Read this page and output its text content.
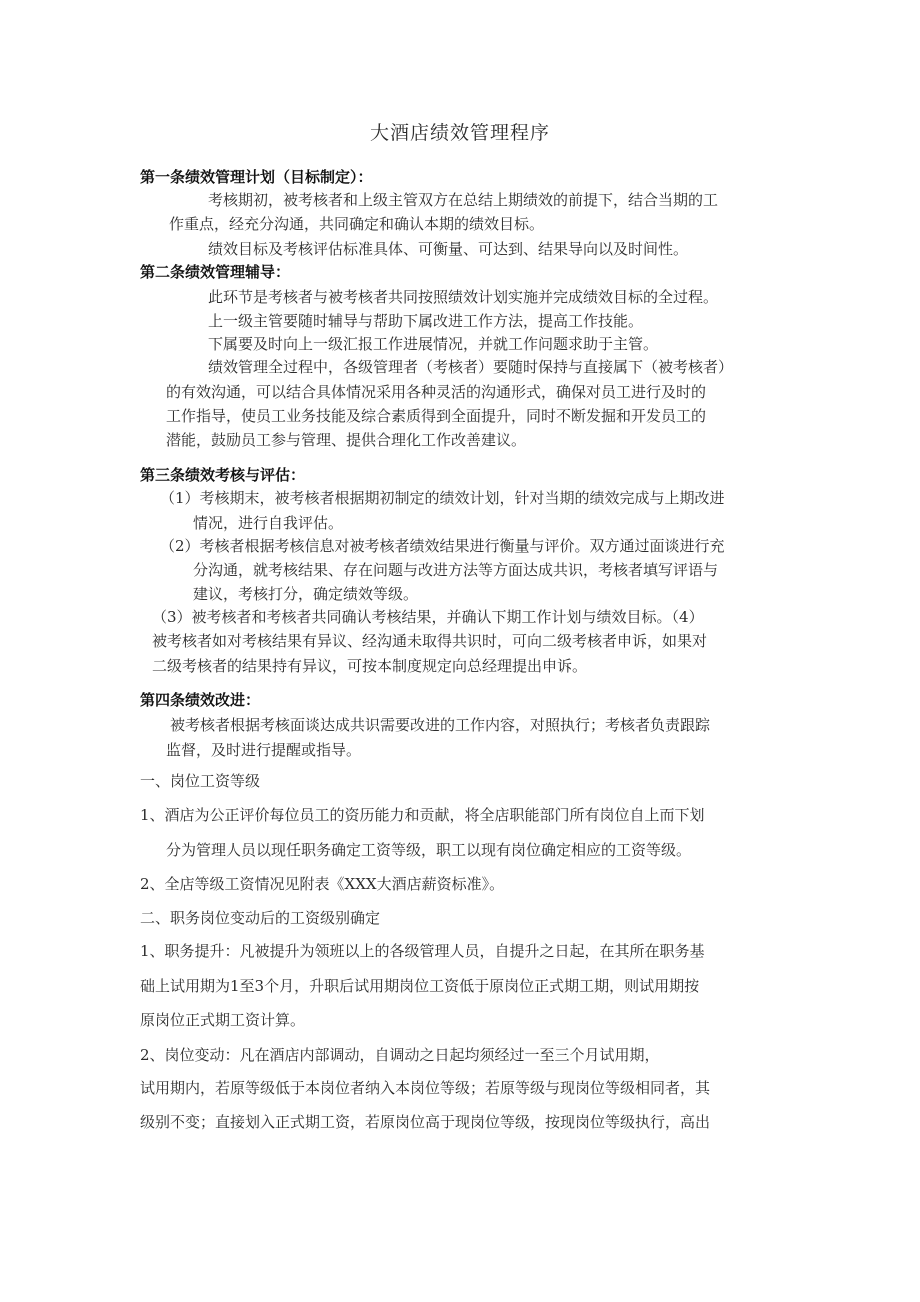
大酒店绩效管理程序
第一条绩效管理计划（目标制定）：
考核期初，被考核者和上级主管双方在总结上期绩效的前提下，结合当期的工
作重点，经充分沟通，共同确定和确认本期的绩效目标。
绩效目标及考核评估标准具体、可衡量、可达到、结果导向以及时间性。
第二条绩效管理辅导：
此环节是考核者与被考核者共同按照绩效计划实施并完成绩效目标的全过程。
上一级主管要随时辅导与帮助下属改进工作方法，提高工作技能。
下属要及时向上一级汇报工作进展情况，并就工作问题求助于主管。
绩效管理全过程中，各级管理者（考核者）要随时保持与直接属下（被考核者）
的有效沟通，可以结合具体情况采用各种灵活的沟通形式，确保对员工进行及时的
工作指导，使员工业务技能及综合素质得到全面提升，同时不断发掘和开发员工的
潜能，鼓励员工参与管理、提供合理化工作改善建议。
第三条绩效考核与评估：
（1）考核期末，被考核者根据期初制定的绩效计划，针对当期的绩效完成与上期改进
情况，进行自我评估。
（2）考核者根据考核信息对被考核者绩效结果进行衡量与评价。双方通过面谈进行充
分沟通，就考核结果、存在问题与改进方法等方面达成共识，考核者填写评语与
建议，考核打分，确定绩效等级。
（3）被考核者和考核者共同确认考核结果，并确认下期工作计划与绩效目标。（4）
被考核者如对考核结果有异议、经沟通未取得共识时，可向二级考核者申诉，如果对
二级考核者的结果持有异议，可按本制度规定向总经理提出申诉。
第四条绩效改进：
被考核者根据考核面谈达成共识需要改进的工作内容，对照执行；考核者负责跟踪
监督，及时进行提醒或指导。
一、岗位工资等级
1、酒店为公正评价每位员工的资历能力和贡献，将全店职能部门所有岗位自上而下划
分为管理人员以现任职务确定工资等级，职工以现有岗位确定相应的工资等级。
2、全店等级工资情况见附表《XXX大酒店薪资标准》。
二、职务岗位变动后的工资级别确定
1、职务提升：凡被提升为领班以上的各级管理人员，自提升之日起，在其所在职务基
础上试用期为1至3个月，升职后试用期岗位工资低于原岗位正式期工期，则试用期按
原岗位正式期工资计算。
2、岗位变动：凡在酒店内部调动，自调动之日起均须经过一至三个月试用期，
试用期内，若原等级低于本岗位者纳入本岗位等级；若原等级与现岗位等级相同者，其
级别不变；直接划入正式期工资，若原岗位高于现岗位等级，按现岗位等级执行，高出
